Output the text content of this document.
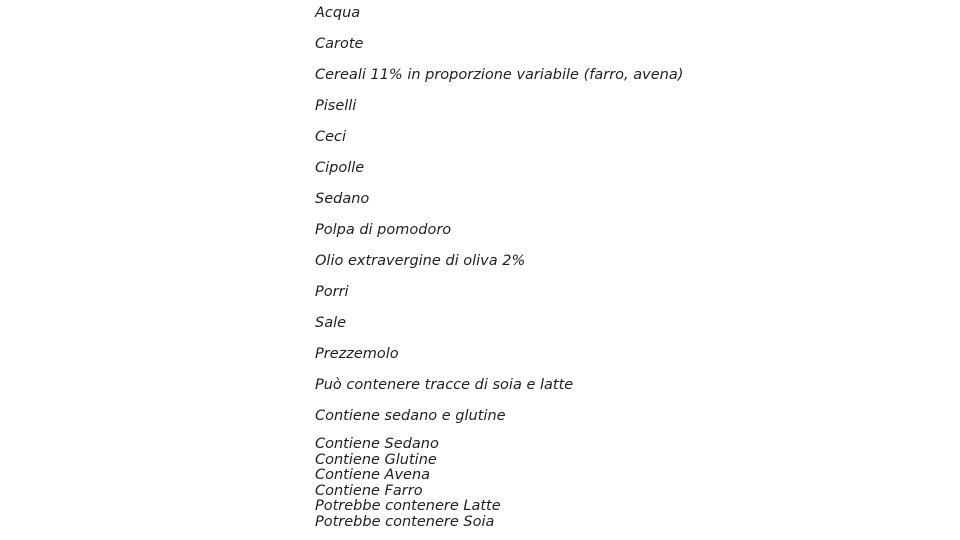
Acqua
Carote
Cereali 11% in proporzione variabile (farro, avena)
Piselli
Ceci
Cipolle
Sedano
Polpa di pomodoro
Olio extravergine di oliva 2%
Porri
Sale
Prezzemolo
Può contenere tracce di soia e latte
Contiene sedano e glutine
Contiene Sedano
Contiene Glutine
Contiene Avena
Contiene Farro
Potrebbe contenere Latte
Potrebbe contenere Soia
